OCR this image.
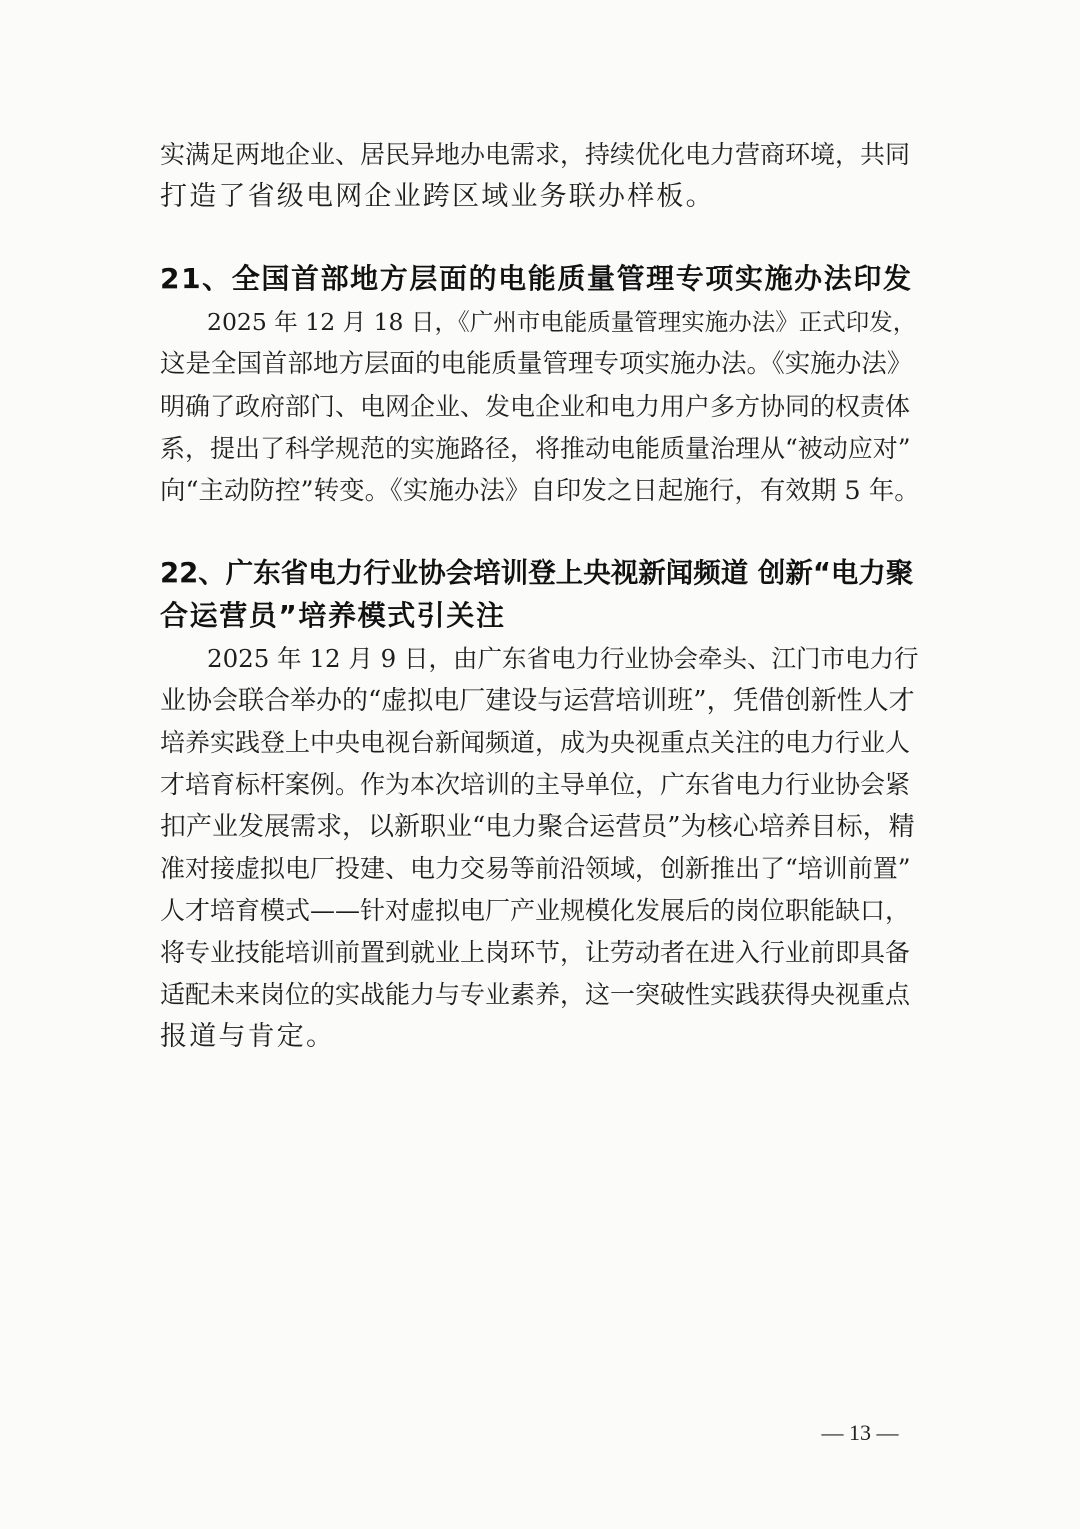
实满足两地企业、居民异地办电需求，持续优化电力营商环境，共同
打造了省级电网企业跨区域业务联办样板。
21、全国首部地方层面的电能质量管理专项实施办法印发
2025 年 12 月 18 日，《广州市电能质量管理实施办法》正式印发，
这是全国首部地方层面的电能质量管理专项实施办法。《实施办法》
明确了政府部门、电网企业、发电企业和电力用户多方协同的权责体
系，提出了科学规范的实施路径，将推动电能质量治理从“被动应对”
向“主动防控”转变。《实施办法》自印发之日起施行，有效期 5 年。
22、广东省电力行业协会培训登上央视新闻频道 创新“电力聚
合运营员”培养模式引关注
2025 年 12 月 9 日，由广东省电力行业协会牵头、江门市电力行
业协会联合举办的“虚拟电厂建设与运营培训班”，凭借创新性人才
培养实践登上中央电视台新闻频道，成为央视重点关注的电力行业人
才培育标杆案例。作为本次培训的主导单位，广东省电力行业协会紧
扣产业发展需求，以新职业“电力聚合运营员”为核心培养目标，精
准对接虚拟电厂投建、电力交易等前沿领域，创新推出了“培训前置”
人才培育模式——针对虚拟电厂产业规模化发展后的岗位职能缺口，
将专业技能培训前置到就业上岗环节，让劳动者在进入行业前即具备
适配未来岗位的实战能力与专业素养，这一突破性实践获得央视重点
报道与肯定。
— 13 —
